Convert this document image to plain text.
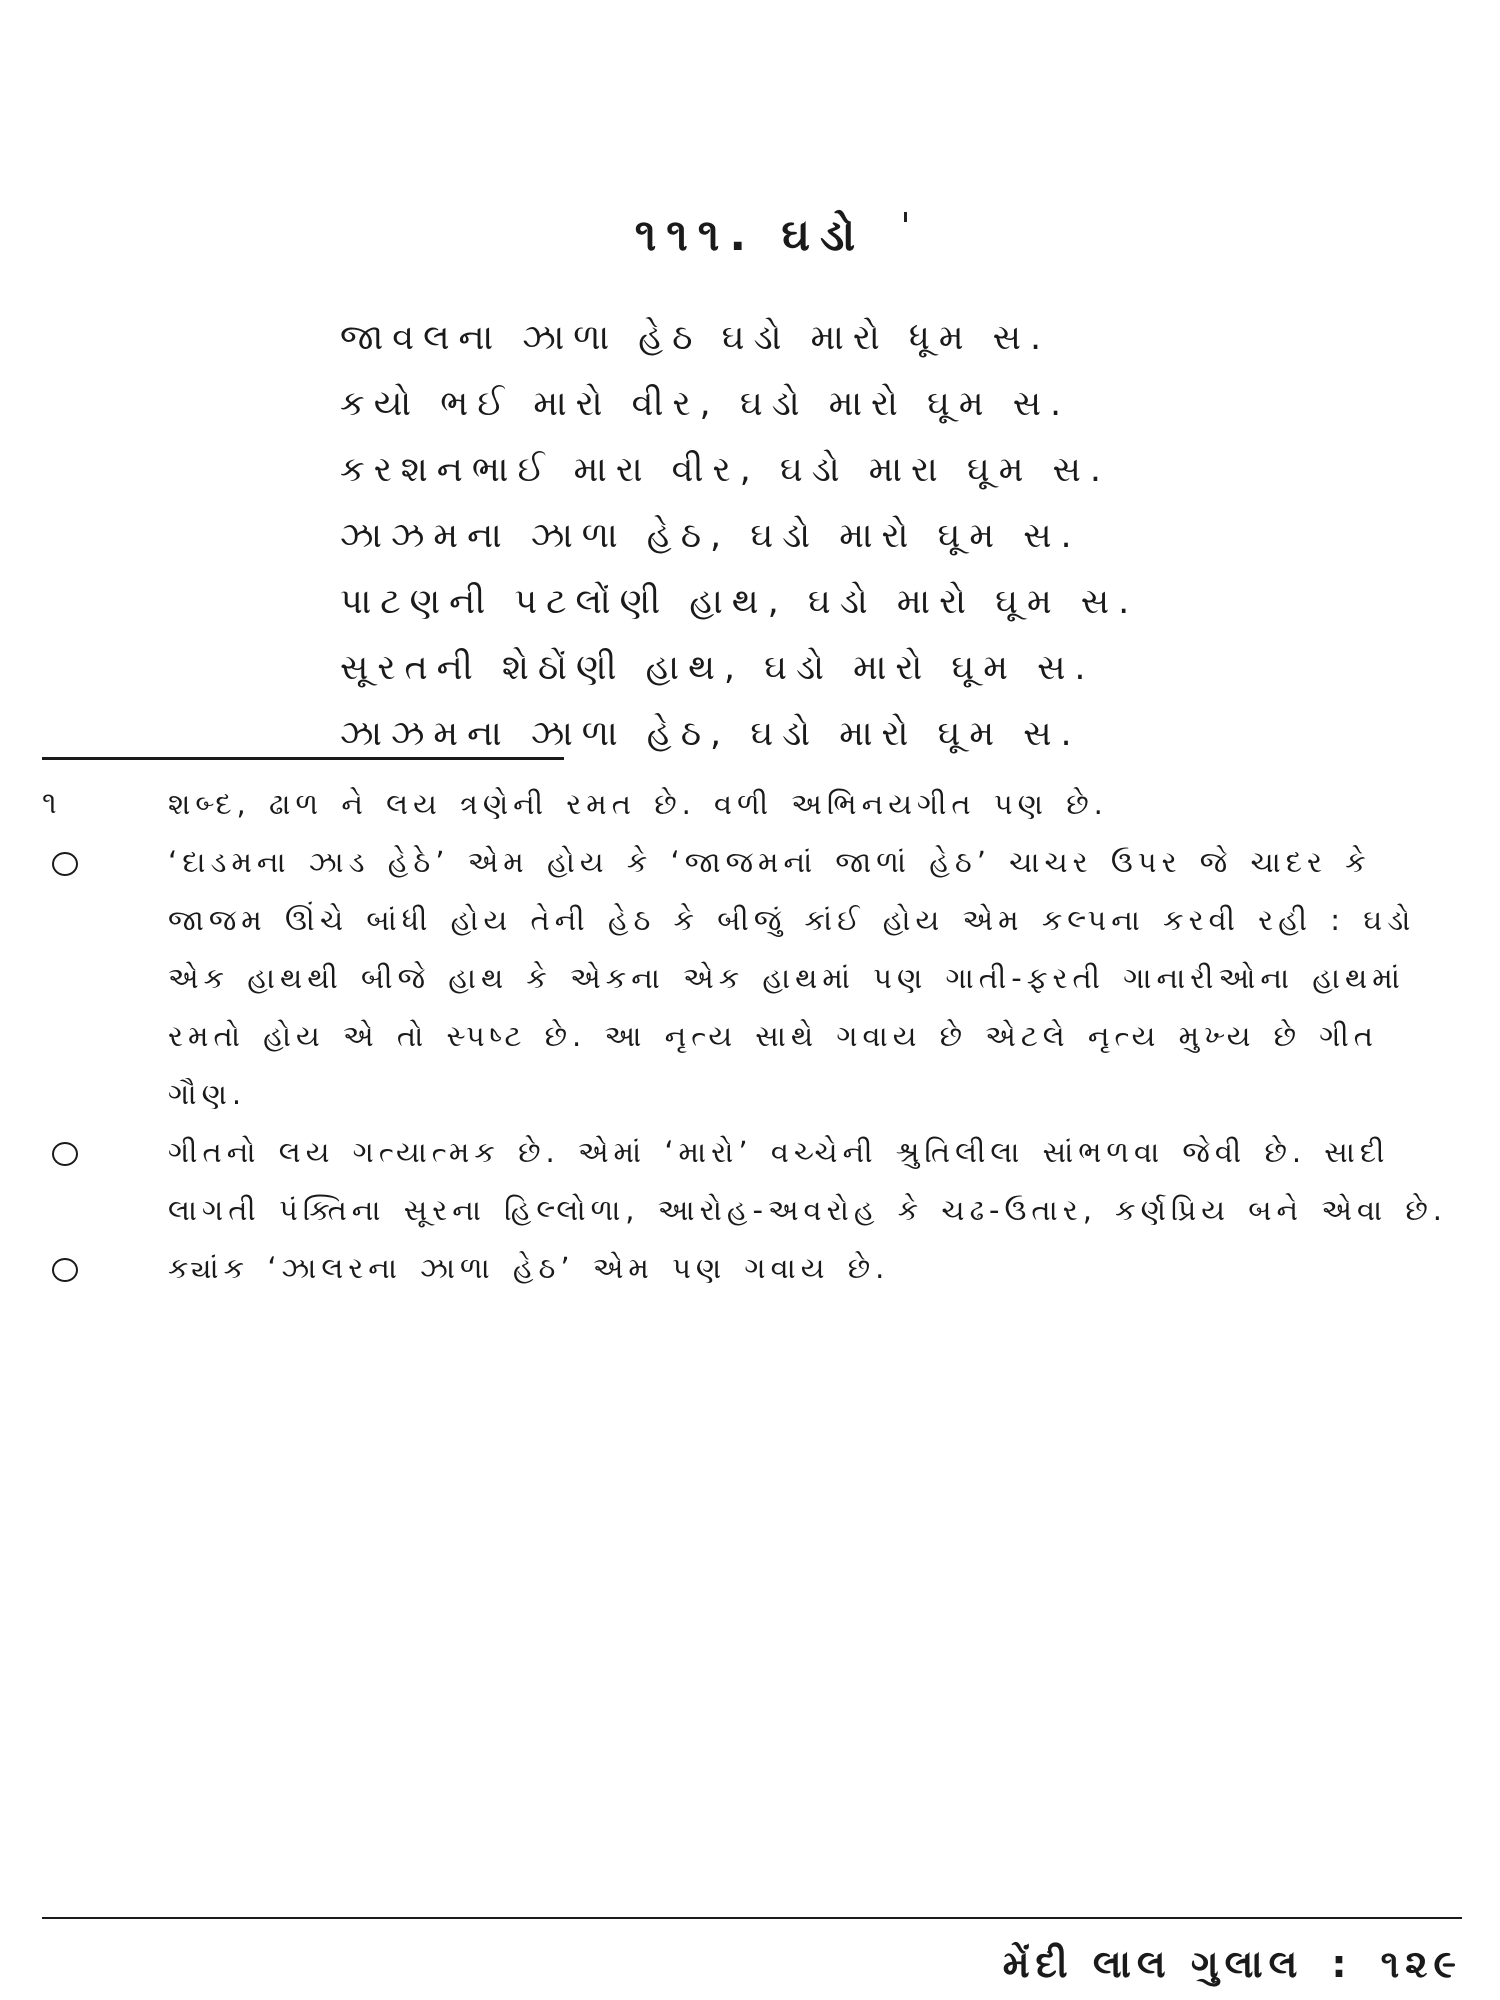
૧૧૧. ઘડો
જાવલના ઝાળા હેઠ ઘડો મારો ધૂમ સ.
કયો ભઈ મારો વીર, ઘડો મારો ઘૂમ સ.
કરશનભાઈ મારા વીર, ઘડો મારા ઘૂમ સ.
ઝાઝમના ઝાળા હેઠ, ઘડો મારો ઘૂમ સ.
પાટણની પટલોંણી હાથ, ઘડો મારો ઘૂમ સ.
સૂરતની શેઠોંણી હાથ, ઘડો મારો ઘૂમ સ.
ઝાઝમના ઝાળા હેઠ, ઘડો મારો ઘૂમ સ.
૧	શબ્દ, ઢાળ ને લય ત્રણેની રમત છે. વળી અભિનયગીત પણ છે.
‘દાડમના ઝાડ હેઠે’ એમ હોય કે ‘જાજમનાં જાળાં હેઠ’ ચાચર ઉપર જે ચાદર કે જાજમ ઊંચે બાંધી હોય તેની હેઠ કે બીજું કાંઈ હોય એમ કલ્પના કરવી રહી : ઘડો એક હાથથી બીજે હાથ કે એકના એક હાથમાં પણ ગાતી-ફરતી ગાનારીઓના હાથમાં રમતો હોય એ તો સ્પષ્ટ છે. આ નૃત્ય સાથે ગવાય છે એટલે નૃત્ય મુખ્ય છે ગીત ગૌણ.
ગીતનો લય ગત્યાત્મક છે. એમાં ‘મારો’ વચ્ચેની શ્રુતિલીલા સાંભળવા જેવી છે. સાદી લાગતી પંક્તિના સૂરના હિલ્લોળા, આરોહ-અવરોહ કે ચઢ-ઉતાર, કર્ણપ્રિય બને એવા છે.
ક્યાંક ‘ઝાલરના ઝાળા હેઠ’ એમ પણ ગવાય છે.
મેંદી લાલ ગુલાલ : ૧૨૯
